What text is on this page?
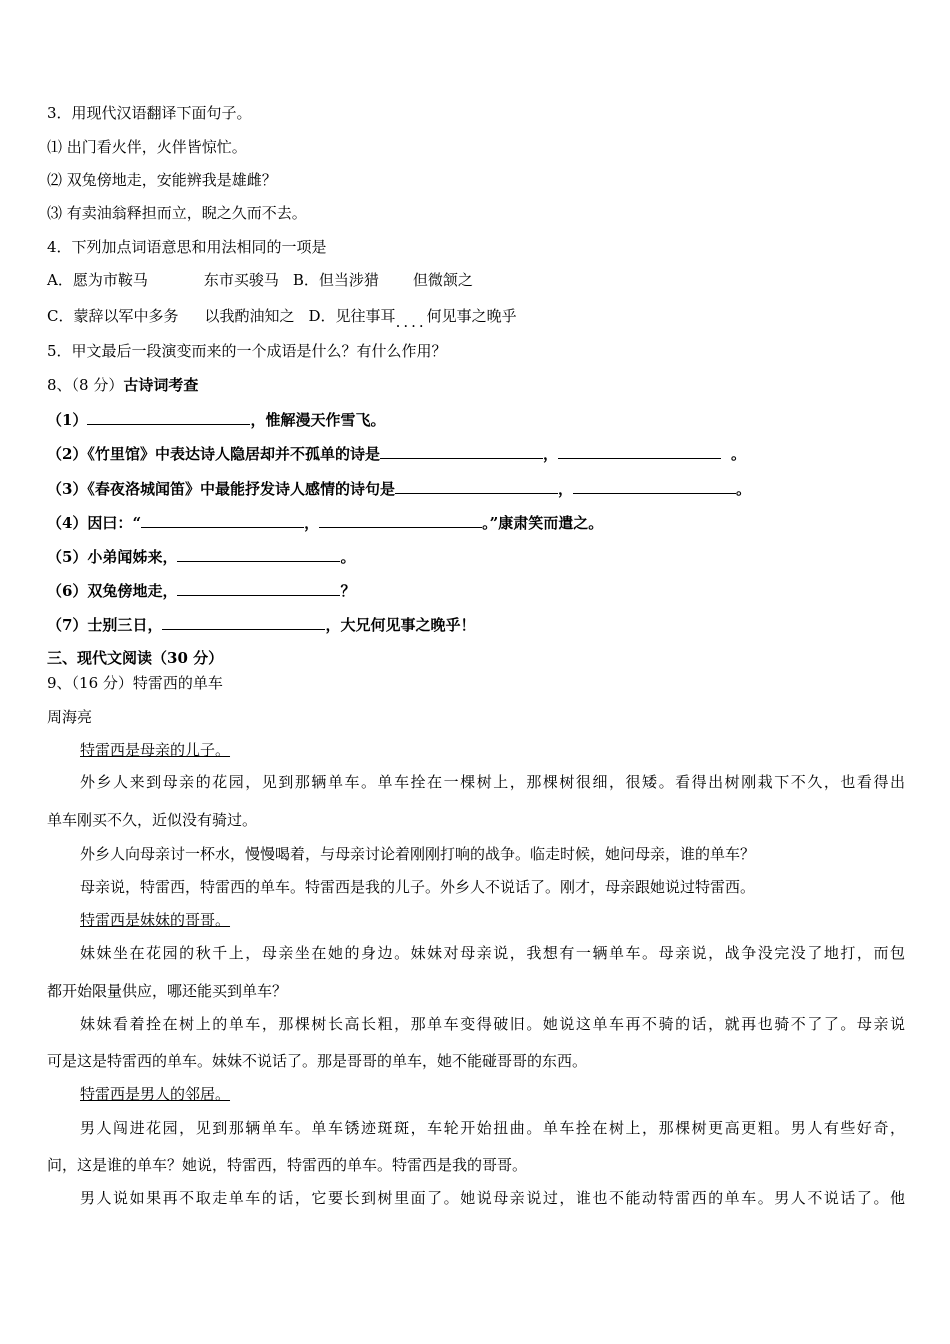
3．用现代汉语翻译下面句子。
⑴ 出门看火伴，火伴皆惊忙。
⑵ 双兔傍地走，安能辨我是雄雌？
⑶ 有卖油翁释担而立，睨之久而不去。
4．下列加点词语意思和用法相同的一项是
A．愿为市鞍马	东市买骏马 B．但当涉猎 但微颔之
C．蒙辞以军中多务 以我酌油知之 D．见往事耳....何见事之晚乎
5．甲文最后一段演变而来的一个成语是什么？有什么作用？
8、（8 分）古诗词考查
（1）	，惟解漫天作雪飞。
（2）《竹里馆》中表达诗人隐居却并不孤单的诗是	，	。
（3）《春夜洛城闻笛》中最能抒发诗人感情的诗句是	，	。
（4）因曰：“	，	。”康肃笑而遣之。
（5）小弟闻姊来，	。
（6）双兔傍地走，	？
（7）士别三日，	，大兄何见事之晚乎！
三、现代文阅读（30 分）
9、（16 分）特雷西的单车
周海亮
特雷西是母亲的儿子。
外乡人来到母亲的花园，见到那辆单车。单车拴在一棵树上，那棵树很细，很矮。看得出树刚栽下不久，也看得出
单车刚买不久，近似没有骑过。
外乡人向母亲讨一杯水，慢慢喝着，与母亲讨论着刚刚打响的战争。临走时候，她问母亲，谁的单车？
母亲说，特雷西，特雷西的单车。特雷西是我的儿子。外乡人不说话了。刚才，母亲跟她说过特雷西。
特雷西是妹妹的哥哥。
妹妹坐在花园的秋千上，母亲坐在她的身边。妹妹对母亲说，我想有一辆单车。母亲说，战争没完没了地打，而包
都开始限量供应，哪还能买到单车？
妹妹看着拴在树上的单车，那棵树长高长粗，那单车变得破旧。她说这单车再不骑的话，就再也骑不了了。母亲说
可是这是特雷西的单车。妹妹不说话了。那是哥哥的单车，她不能碰哥哥的东西。
特雷西是男人的邻居。
男人闯进花园，见到那辆单车。单车锈迹斑斑，车轮开始扭曲。单车拴在树上，那棵树更高更粗。男人有些好奇，
问，这是谁的单车？她说，特雷西，特雷西的单车。特雷西是我的哥哥。
男人说如果再不取走单车的话，它要长到树里面了。她说母亲说过，谁也不能动特雷西的单车。男人不说话了。他
